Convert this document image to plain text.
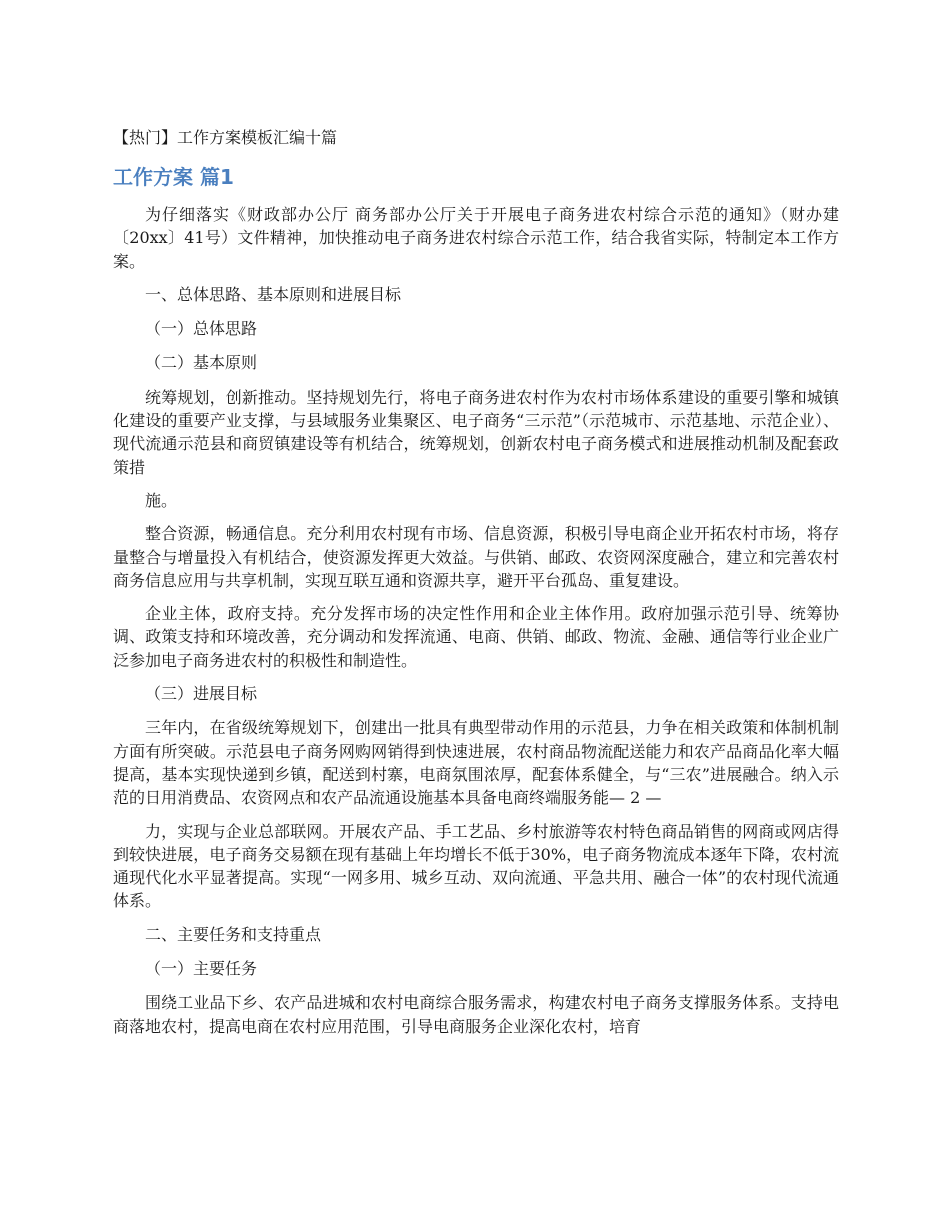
【热门】工作方案模板汇编十篇
工作方案 篇1

为仔细落实《财政部办公厅 商务部办公厅关于开展电子商务进农村综合示范的通知》（财办建〔20xx〕41号）文件精神，加快推动电子商务进农村综合示范工作，结合我省实际，特制定本工作方案。

一、总体思路、基本原则和进展目标

（一）总体思路

（二）基本原则

统筹规划，创新推动。坚持规划先行，将电子商务进农村作为农村市场体系建设的重要引擎和城镇化建设的重要产业支撑，与县域服务业集聚区、电子商务“三示范”（示范城市、示范基地、示范企业）、现代流通示范县和商贸镇建设等有机结合，统筹规划，创新农村电子商务模式和进展推动机制及配套政策措

施。

整合资源，畅通信息。充分利用农村现有市场、信息资源，积极引导电商企业开拓农村市场，将存量整合与增量投入有机结合，使资源发挥更大效益。与供销、邮政、农资网深度融合，建立和完善农村商务信息应用与共享机制，实现互联互通和资源共享，避开平台孤岛、重复建设。

企业主体，政府支持。充分发挥市场的决定性作用和企业主体作用。政府加强示范引导、统筹协调、政策支持和环境改善，充分调动和发挥流通、电商、供销、邮政、物流、金融、通信等行业企业广泛参加电子商务进农村的积极性和制造性。

（三）进展目标

三年内，在省级统筹规划下，创建出一批具有典型带动作用的示范县，力争在相关政策和体制机制方面有所突破。示范县电子商务网购网销得到快速进展，农村商品物流配送能力和农产品商品化率大幅提高，基本实现快递到乡镇，配送到村寨，电商氛围浓厚，配套体系健全，与“三农”进展融合。纳入示范的日用消费品、农资网点和农产品流通设施基本具备电商终端服务能— 2 —

力，实现与企业总部联网。开展农产品、手工艺品、乡村旅游等农村特色商品销售的网商或网店得到较快进展，电子商务交易额在现有基础上年均增长不低于30%，电子商务物流成本逐年下降，农村流通现代化水平显著提高。实现“一网多用、城乡互动、双向流通、平急共用、融合一体”的农村现代流通体系。

二、主要任务和支持重点

（一）主要任务

围绕工业品下乡、农产品进城和农村电商综合服务需求，构建农村电子商务支撑服务体系。支持电商落地农村，提高电商在农村应用范围，引导电商服务企业深化农村，培育
